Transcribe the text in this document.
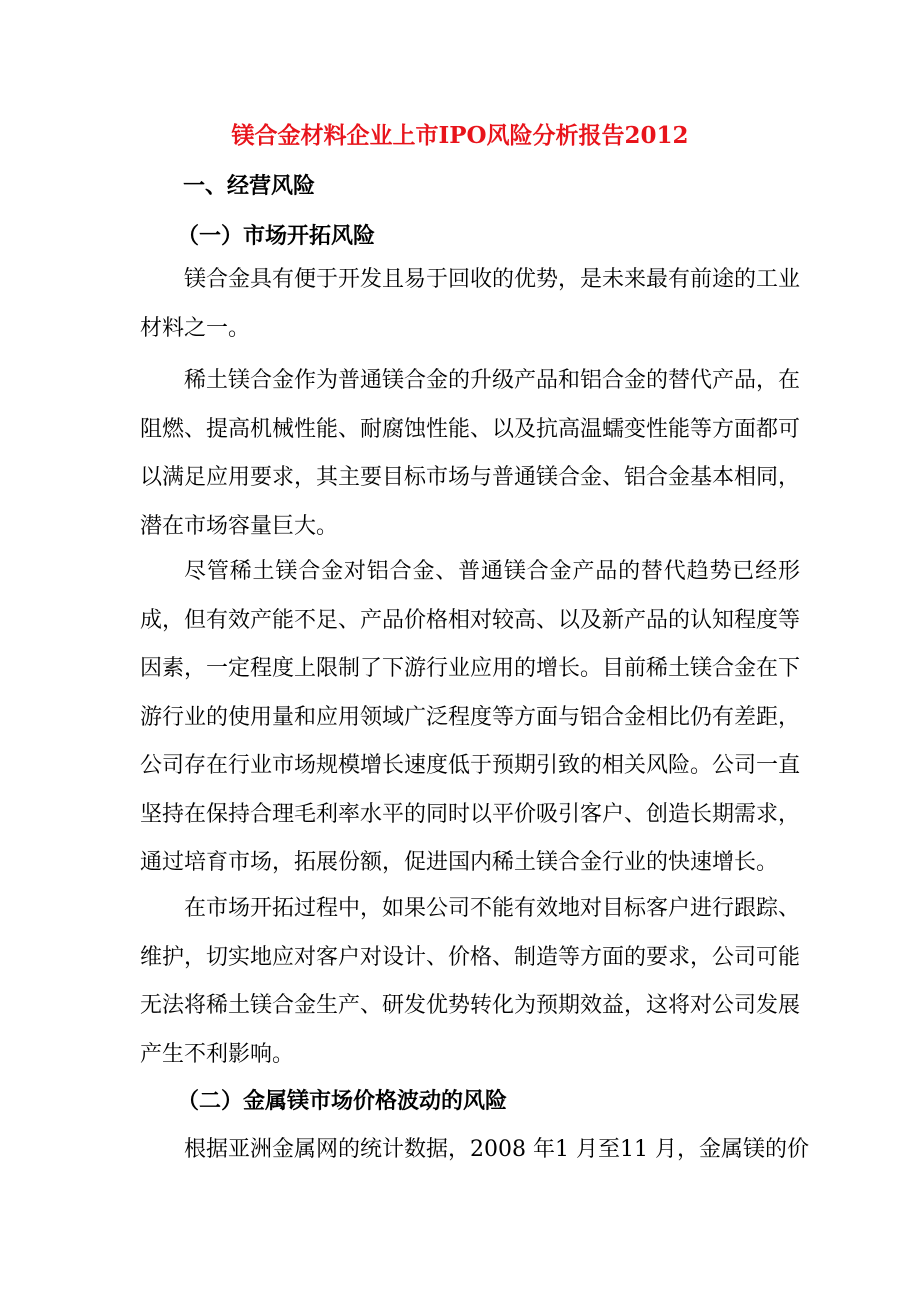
镁合金材料企业上市IPO风险分析报告2012
一、经营风险
（一）市场开拓风险

镁合金具有便于开发且易于回收的优势，是未来最有前途的工业材料之一。

稀土镁合金作为普通镁合金的升级产品和铝合金的替代产品，在阻燃、提高机械性能、耐腐蚀性能、以及抗高温蠕变性能等方面都可以满足应用要求，其主要目标市场与普通镁合金、铝合金基本相同，潜在市场容量巨大。

尽管稀土镁合金对铝合金、普通镁合金产品的替代趋势已经形成，但有效产能不足、产品价格相对较高、以及新产品的认知程度等因素，一定程度上限制了下游行业应用的增长。目前稀土镁合金在下游行业的使用量和应用领域广泛程度等方面与铝合金相比仍有差距，公司存在行业市场规模增长速度低于预期引致的相关风险。公司一直坚持在保持合理毛利率水平的同时以平价吸引客户、创造长期需求，通过培育市场，拓展份额，促进国内稀土镁合金行业的快速增长。

在市场开拓过程中，如果公司不能有效地对目标客户进行跟踪、维护，切实地应对客户对设计、价格、制造等方面的要求，公司可能无法将稀土镁合金生产、研发优势转化为预期效益，这将对公司发展产生不利影响。

（二）金属镁市场价格波动的风险

根据亚洲金属网的统计数据，2008 年1 月至11 月，金属镁的价
